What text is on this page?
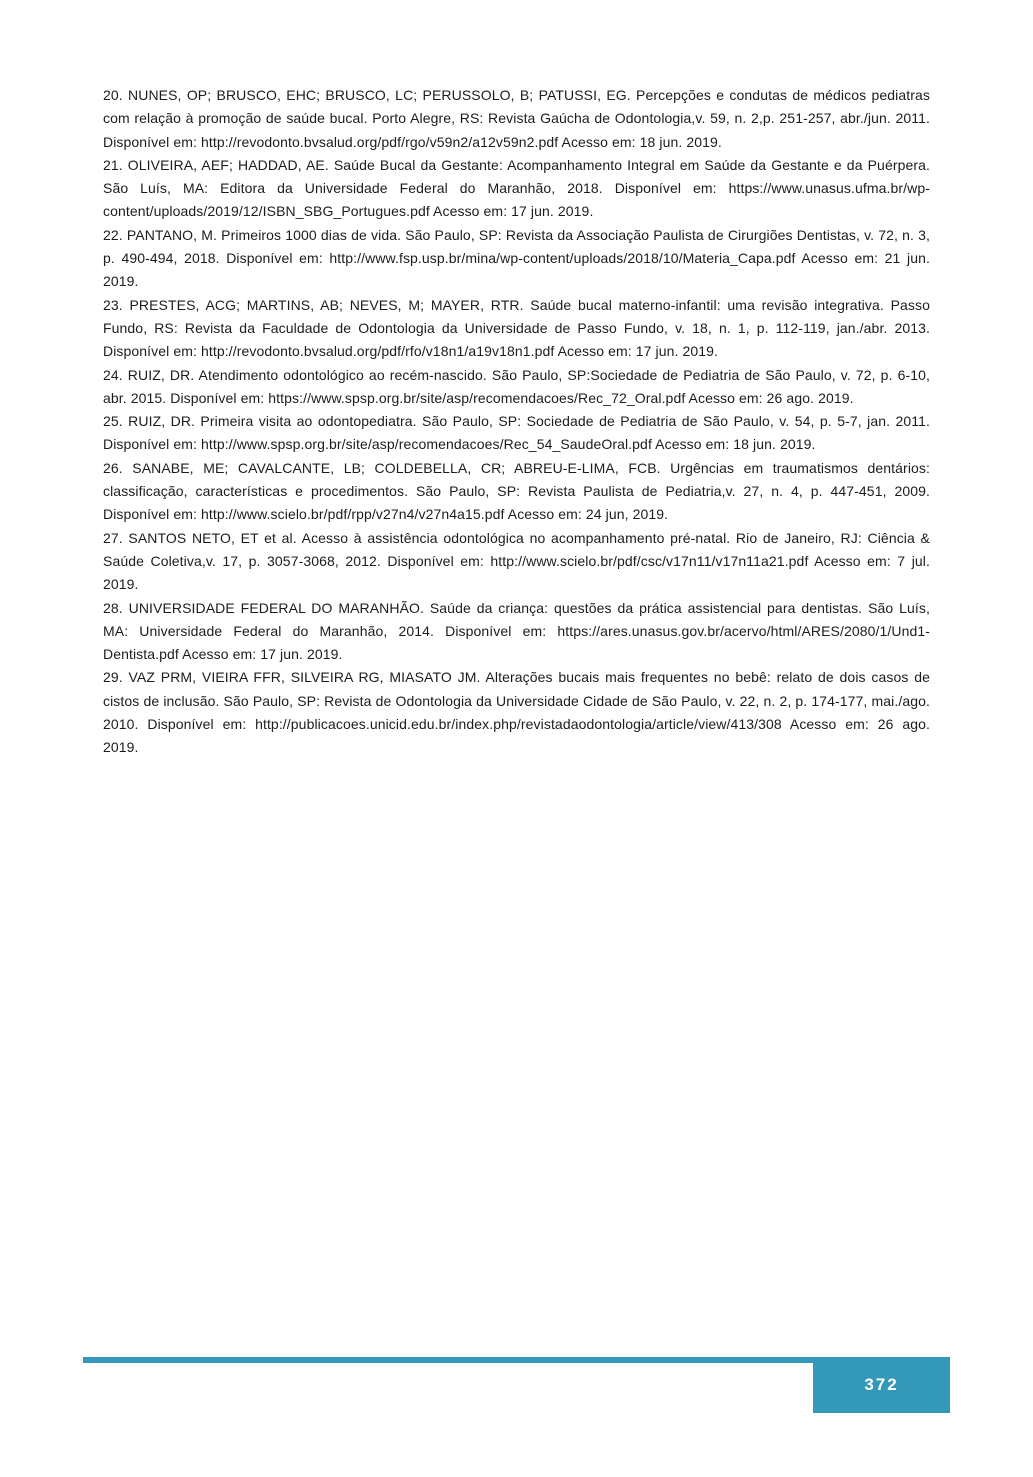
20. NUNES, OP; BRUSCO, EHC; BRUSCO, LC; PERUSSOLO, B; PATUSSI, EG. Percepções e condutas de médicos pediatras com relação à promoção de saúde bucal. Porto Alegre, RS: Revista Gaúcha de Odontologia,v. 59, n. 2,p. 251-257, abr./jun. 2011. Disponível em: http://revodonto.bvsalud.org/pdf/rgo/v59n2/a12v59n2.pdf Acesso em: 18 jun. 2019.

21. OLIVEIRA, AEF; HADDAD, AE. Saúde Bucal da Gestante: Acompanhamento Integral em Saúde da Gestante e da Puérpera. São Luís, MA: Editora da Universidade Federal do Maranhão, 2018. Disponível em: https://www.unasus.ufma.br/wp-content/uploads/2019/12/ISBN_SBG_Portugues.pdf Acesso em: 17 jun. 2019.

22. PANTANO, M. Primeiros 1000 dias de vida. São Paulo, SP: Revista da Associação Paulista de Cirurgiões Dentistas, v. 72, n. 3, p. 490-494, 2018. Disponível em: http://www.fsp.usp.br/mina/wp-content/uploads/2018/10/Materia_Capa.pdf Acesso em: 21 jun. 2019.

23. PRESTES, ACG; MARTINS, AB; NEVES, M; MAYER, RTR. Saúde bucal materno-infantil: uma revisão integrativa. Passo Fundo, RS: Revista da Faculdade de Odontologia da Universidade de Passo Fundo, v. 18, n. 1, p. 112-119, jan./abr. 2013. Disponível em: http://revodonto.bvsalud.org/pdf/rfo/v18n1/a19v18n1.pdf Acesso em: 17 jun. 2019.

24. RUIZ, DR. Atendimento odontológico ao recém-nascido. São Paulo, SP:Sociedade de Pediatria de São Paulo, v. 72, p. 6-10, abr. 2015. Disponível em: https://www.spsp.org.br/site/asp/recomendacoes/Rec_72_Oral.pdf Acesso em: 26 ago. 2019.

25. RUIZ, DR. Primeira visita ao odontopediatra. São Paulo, SP: Sociedade de Pediatria de São Paulo, v. 54, p. 5-7, jan. 2011. Disponível em: http://www.spsp.org.br/site/asp/recomendacoes/Rec_54_SaudeOral.pdf Acesso em: 18 jun. 2019.

26. SANABE, ME; CAVALCANTE, LB; COLDEBELLA, CR; ABREU-E-LIMA, FCB. Urgências em traumatismos dentários: classificação, características e procedimentos. São Paulo, SP: Revista Paulista de Pediatria,v. 27, n. 4, p. 447-451, 2009. Disponível em: http://www.scielo.br/pdf/rpp/v27n4/v27n4a15.pdf Acesso em: 24 jun, 2019.

27. SANTOS NETO, ET et al. Acesso à assistência odontológica no acompanhamento pré-natal. Rio de Janeiro, RJ: Ciência & Saúde Coletiva,v. 17, p. 3057-3068, 2012. Disponível em: http://www.scielo.br/pdf/csc/v17n11/v17n11a21.pdf Acesso em: 7 jul. 2019.

28. UNIVERSIDADE FEDERAL DO MARANHÃO. Saúde da criança: questões da prática assistencial para dentistas. São Luís, MA: Universidade Federal do Maranhão, 2014. Disponível em: https://ares.unasus.gov.br/acervo/html/ARES/2080/1/Und1-Dentista.pdf Acesso em: 17 jun. 2019.

29. VAZ PRM, VIEIRA FFR, SILVEIRA RG, MIASATO JM. Alterações bucais mais frequentes no bebê: relato de dois casos de cistos de inclusão. São Paulo, SP: Revista de Odontologia da Universidade Cidade de São Paulo, v. 22, n. 2, p. 174-177, mai./ago. 2010. Disponível em: http://publicacoes.unicid.edu.br/index.php/revistadaodontologia/article/view/413/308 Acesso em: 26 ago. 2019.

372
